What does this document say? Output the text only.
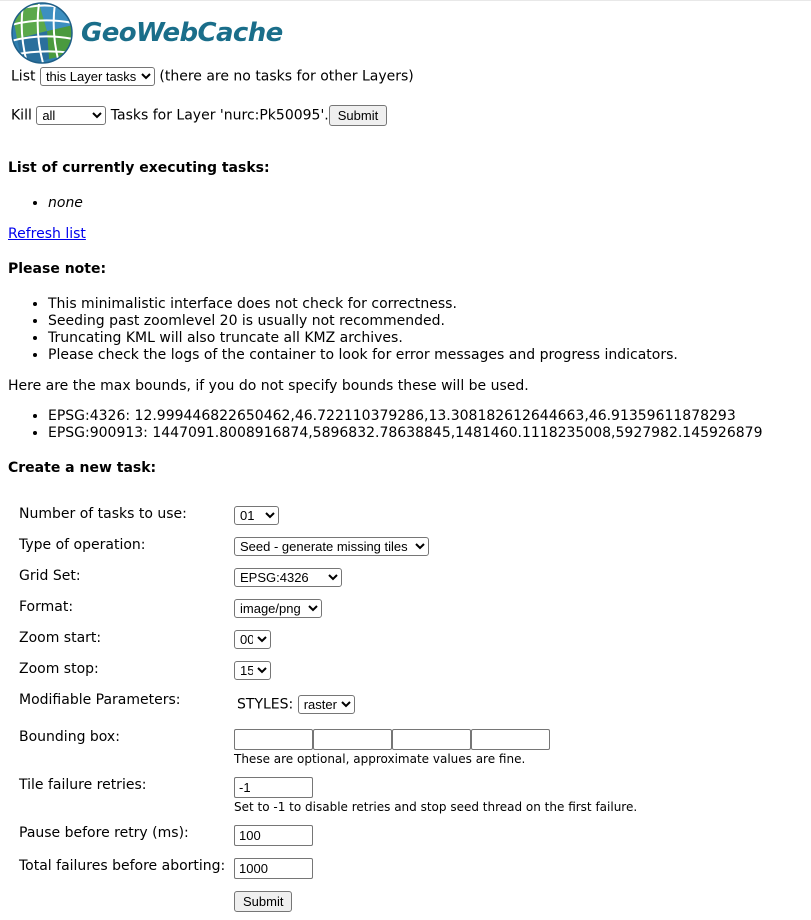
GeoWebCache
List
this Layer tasks	(there are no tasks for other Layers)
Kill
all	Tasks for Layer 'nurc:Pk50095'. Submit
List of currently executing tasks:
• none
Refresh list
Please note:
• This minimalistic interface does not check for correctness.
• Seeding past zoomlevel 20 is usually not recommended.
• Truncating KML will also truncate all KMZ archives.
• Please check the logs of the container to look for error messages and progress indicators.
Here are the max bounds, if you do not specify bounds these will be used.
• EPSG:4326: 12.999446822650462,46.722110379286,13.308182612644663,46.91359611878293
• EPSG:900913: 1447091.8008916874,5896832.78638845,1481460.1118235008,5927982.145926879
Create a new task:
Number of tasks to use:
01
Type of operation:
Seed - generate missing tiles
Grid Set:
EPSG:4326
Format:
image/png
Zoom start:
00
Zoom stop:
15
Modifiable Parameters:	STYLES:
raster
Bounding box:
These are optional, approximate values are fine.
Tile failure retries:
-1
Set to -1 to disable retries and stop seed thread on the first failure.
Pause before retry (ms):
100
Total failures before aborting:
1000
Submit
